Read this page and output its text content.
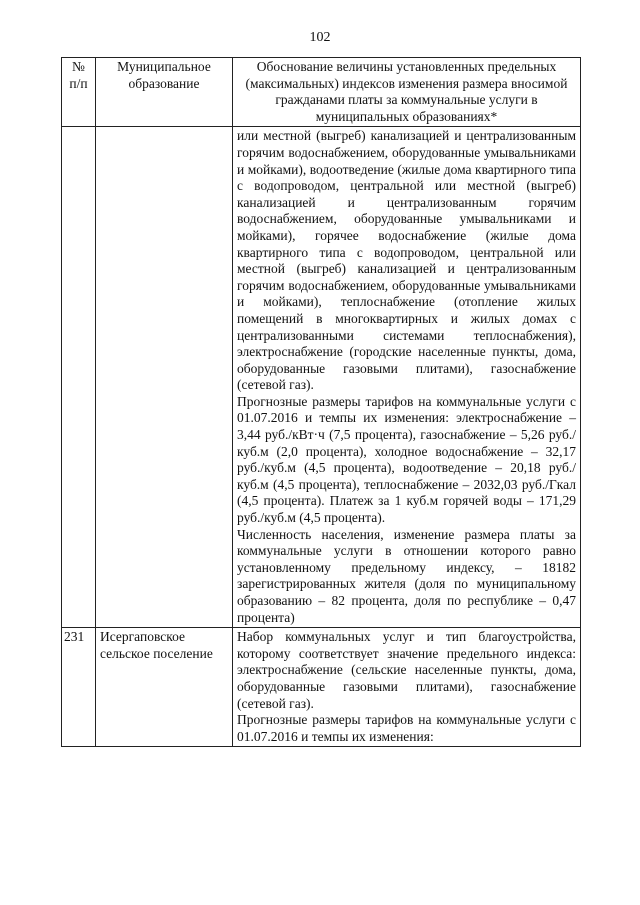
102
№ п/п	Муниципальное образование	Обоснование величины установленных предельных (максимальных) индексов изменения размера вносимой гражданами платы за коммунальные услуги в муниципальных образованиях*

		или местной (выгреб) канализацией и централизованным горячим водоснабжением, оборудованные умывальниками и мойками), водоотведение (жилые дома квартирного типа с водопроводом, центральной или местной (выгреб) канализацией и централизованным горячим водоснабжением, оборудованные умывальниками и мойками), горячее водоснабжение (жилые дома квартирного типа с водопроводом, центральной или местной (выгреб) канализацией и централизованным горячим водоснабжением, оборудованные умывальниками и мойками), теплоснабжение (отопление жилых помещений в многоквартирных и жилых домах с централизованными системами теплоснабжения), электроснабжение (городские населенные пункты, дома, оборудованные газовыми плитами), газоснабжение (сетевой газ).

Прогнозные размеры тарифов на коммунальные услуги с 01.07.2016 и темпы их изменения: электроснабжение – 3,44 руб./кВт·ч (7,5 процента), газоснабжение – 5,26 руб./куб.м (2,0 процента), холодное водоснабжение – 32,17 руб./куб.м (4,5 процента), водоотведение – 20,18 руб./куб.м (4,5 процента), теплоснабжение – 2032,03 руб./Гкал (4,5 процента). Платеж за 1 куб.м горячей воды – 171,29 руб./куб.м (4,5 процента).

Численность населения, изменение размера платы за коммунальные услуги в отношении которого равно установленному предельному индексу, – 18182 зарегистрированных жителя (доля по муниципальному образованию – 82 процента, доля по республике – 0,47 процента)

231	Исергаповское сельское поселение	Набор коммунальных услуг и тип благоустройства, которому соответствует значение предельного индекса: электроснабжение (сельские населенные пункты, дома, оборудованные газовыми плитами), газоснабжение (сетевой газ).

Прогнозные размеры тарифов на коммунальные услуги с 01.07.2016 и темпы их изменения:
